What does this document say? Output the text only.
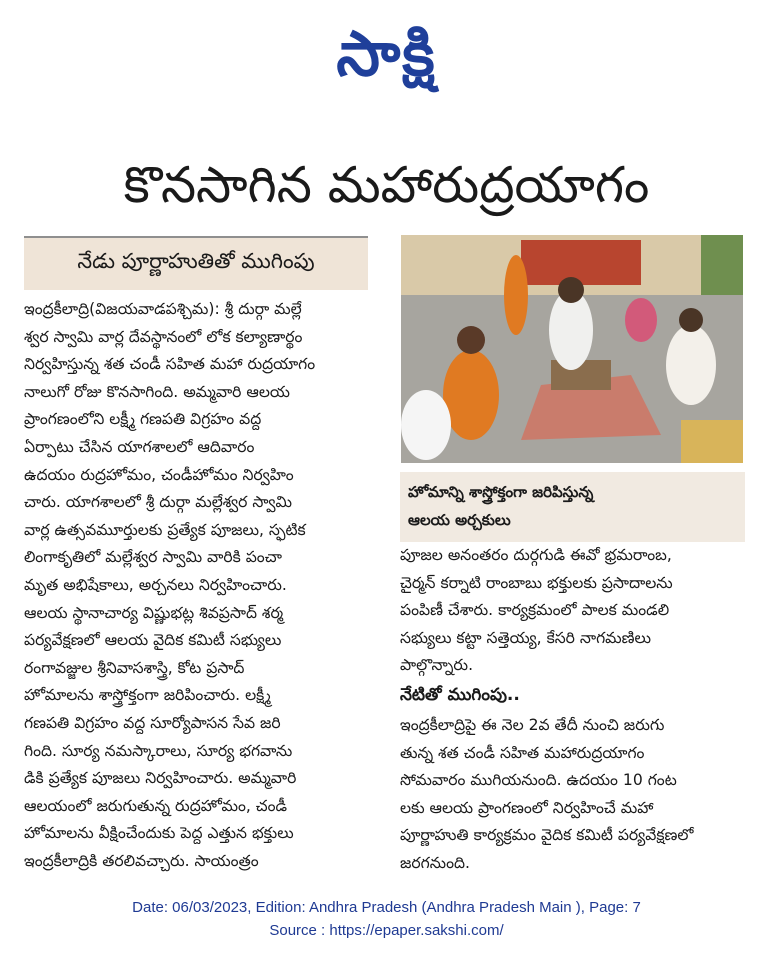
సాక్షి
కొనసాగిన మహారుద్రయాగం
నేడు పూర్ణాహుతితో ముగింపు
ఇంద్రకీలాద్రి(విజయవాడపశ్చిమ): శ్రీ దుర్గా మల్లే
శ్వర స్వామి వార్ల దేవస్థానంలో లోక కల్యాణార్థం
నిర్వహిస్తున్న శత చండీ సహిత మహా రుద్రయాగం
నాలుగో రోజు కొనసాగింది. అమ్మవారి ఆలయ
ప్రాంగణంలోని లక్ష్మీ గణపతి విగ్రహం వద్ద
ఏర్పాటు చేసిన యాగశాలలో ఆదివారం
ఉదయం రుద్రహోమం, చండీహోమం నిర్వహిం
చారు. యాగశాలలో శ్రీ దుర్గా మల్లేశ్వర స్వామి
వార్ల ఉత్సవమూర్తులకు ప్రత్యేక పూజలు, స్ఫటిక
లింగాకృతిలో మల్లేశ్వర స్వామి వారికి పంచా
మృత అభిషేకాలు, అర్చనలు నిర్వహించారు.
ఆలయ స్థానాచార్య విష్ణుభట్ల శివప్రసాద్ శర్మ
పర్యవేక్షణలో ఆలయ వైదిక కమిటీ సభ్యులు
రంగావజ్జుల శ్రీనివాసశాస్త్రి, కోట ప్రసాద్
హోమాలను శాస్త్రోక్తంగా జరిపించారు. లక్ష్మీ
గణపతి విగ్రహం వద్ద సూర్యోపాసన సేవ జరి
గింది. సూర్య నమస్కారాలు, సూర్య భగవాను
డికి ప్రత్యేక పూజలు నిర్వహించారు. అమ్మవారి
ఆలయంలో జరుగుతున్న రుద్రహోమం, చండీ
హోమాలను వీక్షించేందుకు పెద్ద ఎత్తున భక్తులు
ఇంద్రకీలాద్రికి తరలివచ్చారు. సాయంత్రం
హోమాన్ని శాస్త్రోక్తంగా జరిపిస్తున్న
ఆలయ అర్చకులు
పూజల అనంతరం దుర్గగుడి ఈవో భ్రమరాంబ,
చైర్మన్ కర్నాటి రాంబాబు భక్తులకు ప్రసాదాలను
పంపిణీ చేశారు. కార్యక్రమంలో పాలక మండలి
సభ్యులు కట్టా సత్తెయ్య, కేసరి నాగమణిలు
పాల్గొన్నారు.
నేటితో ముగింపు..
ఇంద్రకీలాద్రిపై ఈ నెల 2వ తేదీ నుంచి జరుగు
తున్న శత చండీ సహిత మహారుద్రయాగం
సోమవారం ముగియనుంది. ఉదయం 10 గంట
లకు ఆలయ ప్రాంగణంలో నిర్వహించే మహా
పూర్ణాహుతి కార్యక్రమం వైదిక కమిటీ పర్యవేక్షణలో
జరగనుంది.
Date: 06/03/2023, Edition: Andhra Pradesh (Andhra Pradesh Main ), Page: 7
Source : https://epaper.sakshi.com/
